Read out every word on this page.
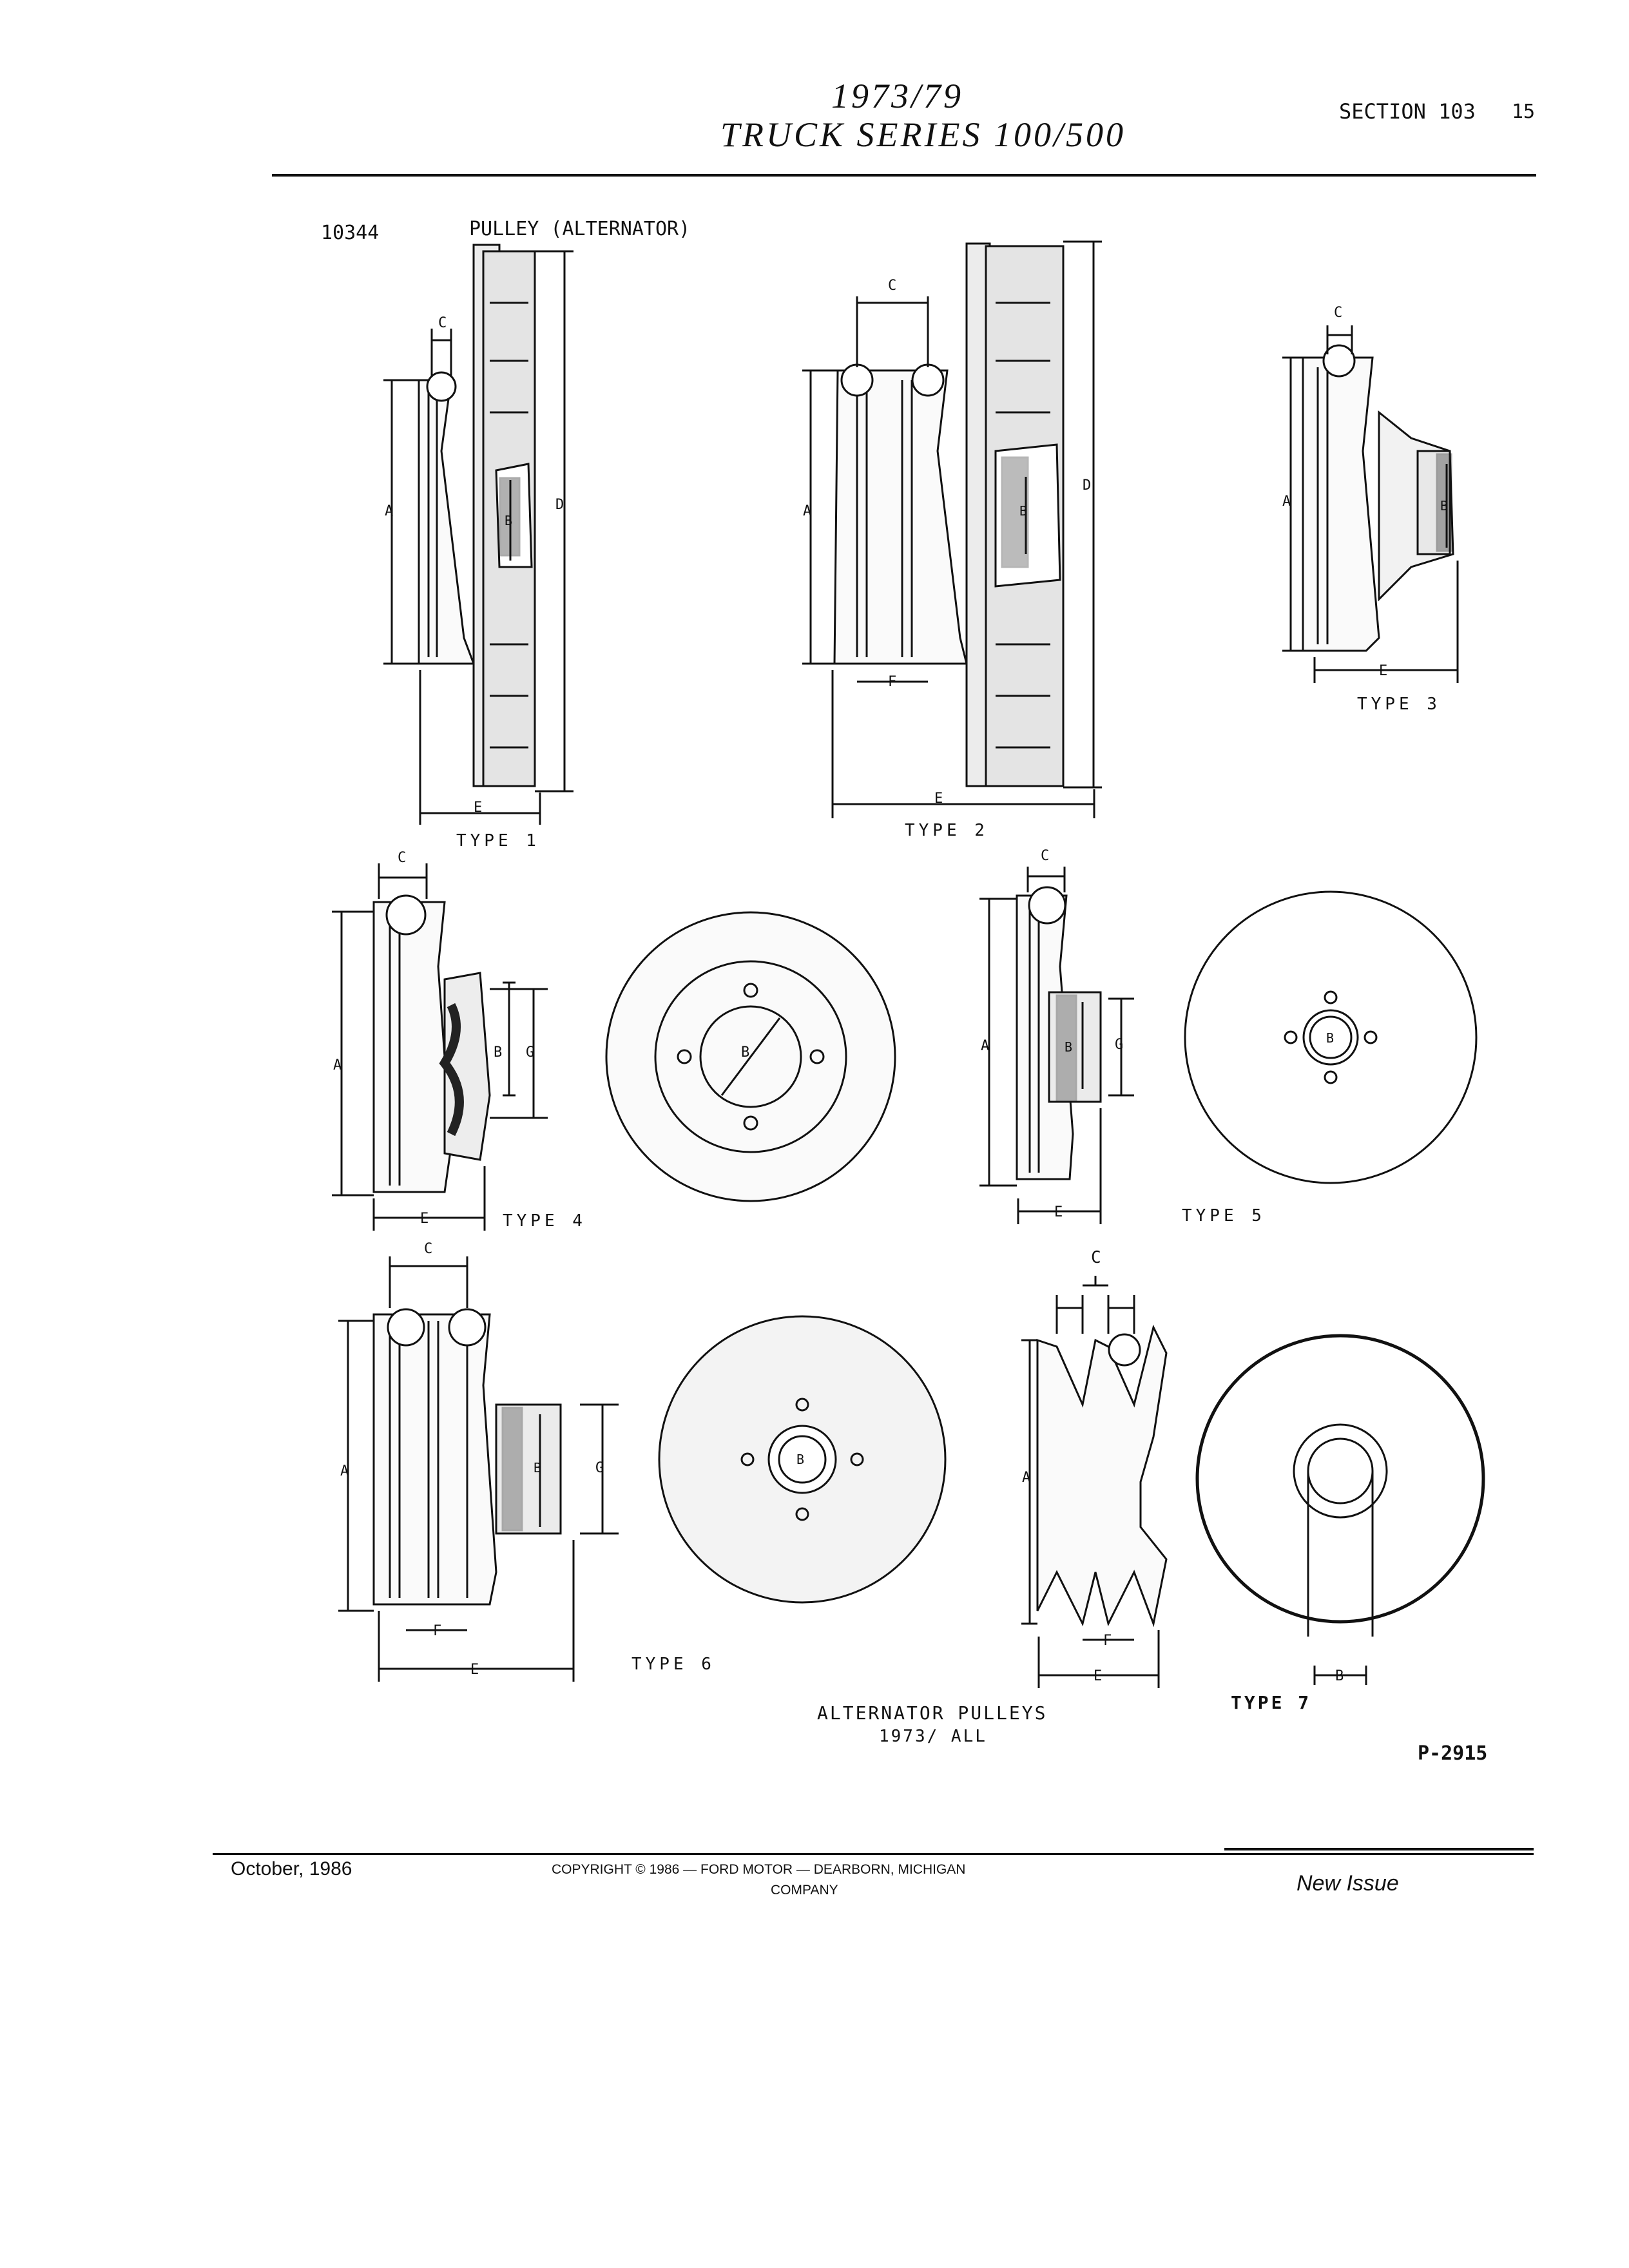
1973/79
TRUCK SERIES 100/500
SECTION 103 15
10344	PULLEY (ALTERNATOR)
A
C
D
B
E
A
C
D
B
F
E
A
C
B
E
A
C
B G
E
B	A
C
B	G
E
B
A
C
B	G
F
E
B
A
C
F
E	B
TYPE 1
TYPE 2
TYPE 3
TYPE 4	TYPE 5
TYPE 6
TYPE 7
ALTERNATOR PULLEYS
1973/ ALL
P-2915
October, 1986	COPYRIGHT © 1986 — FORD MOTOR — DEARBORN, MICHIGAN
COMPANY	New Issue
